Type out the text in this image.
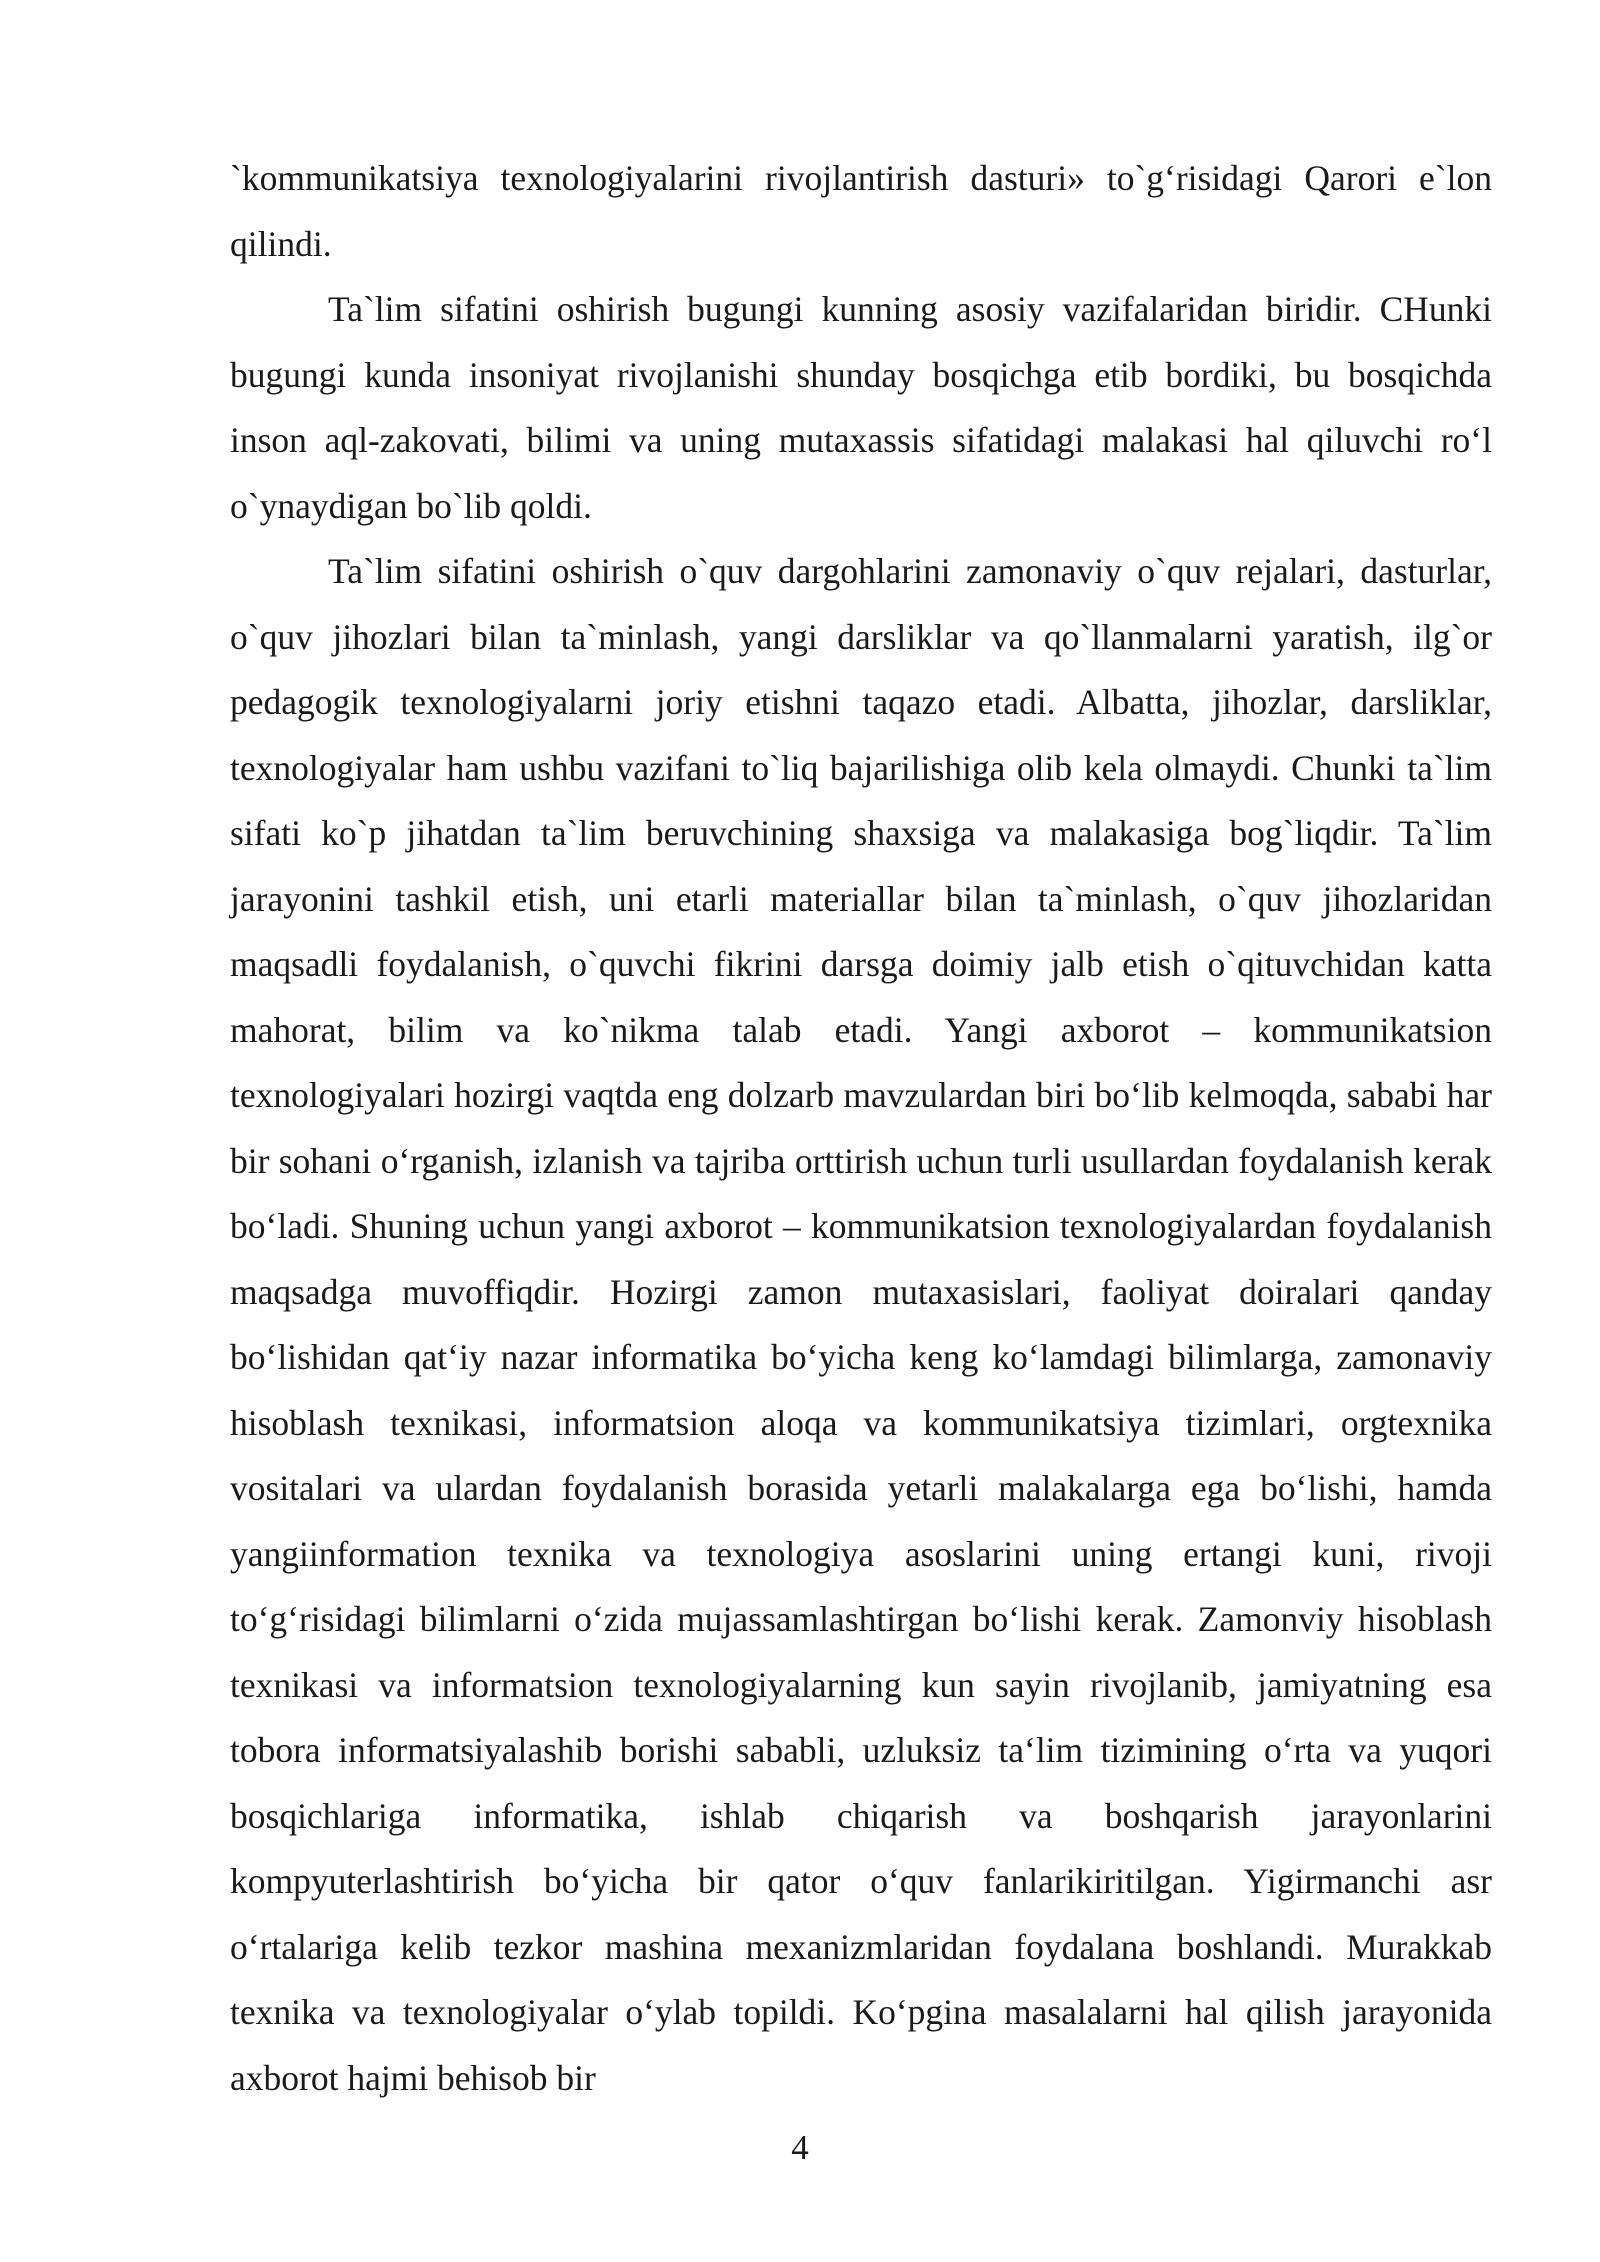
`kommunikatsiya texnologiyalarini rivojlantirish dasturi» to`g‘risidagi Qarori e`lon qilindi.

Ta`lim sifatini oshirish bugungi kunning asosiy vazifalaridan biridir. CHunki bugungi kunda insoniyat rivojlanishi shunday bosqichga etib bordiki, bu bosqichda inson aql-zakovati, bilimi va uning mutaxassis sifatidagi malakasi hal qiluvchi ro‘l o`ynaydigan bo`lib qoldi.

Ta`lim sifatini oshirish o`quv dargohlarini zamonaviy o`quv rejalari, dasturlar, o`quv jihozlari bilan ta`minlash, yangi darsliklar va qo`llanmalarni yaratish, ilg`or pedagogik texnologiyalarni joriy etishni taqazo etadi. Albatta, jihozlar, darsliklar, texnologiyalar ham ushbu vazifani to`liq bajarilishiga olib kela olmaydi. Chunki ta`lim sifati ko`p jihatdan ta`lim beruvchining shaxsiga va malakasiga bog`liqdir. Ta`lim jarayonini tashkil etish, uni etarli materiallar bilan ta`minlash, o`quv jihozlaridan maqsadli foydalanish, o`quvchi fikrini darsga doimiy jalb etish o`qituvchidan katta mahorat, bilim va ko`nikma talab etadi. Yangi axborot – kommunikatsion texnologiyalari hozirgi vaqtda eng dolzarb mavzulardan biri bo‘lib kelmoqda, sababi har bir sohani o‘rganish, izlanish va tajriba orttirish uchun turli usullardan foydalanish kerak bo‘ladi. Shuning uchun yangi axborot – kommunikatsion texnologiyalardan foydalanish maqsadga muvoffiqdir. Hozirgi zamon mutaxasislari, faoliyat doiralari qanday bo‘lishidan qat‘iy nazar informatika bo‘yicha keng ko‘lamdagi bilimlarga, zamonaviy hisoblash texnikasi, informatsion aloqa va kommunikatsiya tizimlari, orgtexnika vositalari va ulardan foydalanish borasida yetarli malakalarga ega bo‘lishi, hamda yangiinformation texnika va texnologiya asoslarini uning ertangi kuni, rivoji to‘g‘risidagi bilimlarni o‘zida mujassamlashtirgan bo‘lishi kerak. Zamonviy hisoblash texnikasi va informatsion texnologiyalarning kun sayin rivojlanib, jamiyatning esa tobora informatsiyalashib borishi sababli, uzluksiz ta‘lim tizimining o‘rta va yuqori bosqichlariga informatika, ishlab chiqarish va boshqarish jarayonlarini kompyuterlashtirish bo‘yicha bir qator o‘quv fanlarikiritilgan. Yigirmanchi asr o‘rtalariga kelib tezkor mashina mexanizmlaridan foydalana boshlandi. Murakkab texnika va texnologiyalar o‘ylab topildi. Ko‘pgina masalalarni hal qilish jarayonida axborot hajmi behisob bir

4
